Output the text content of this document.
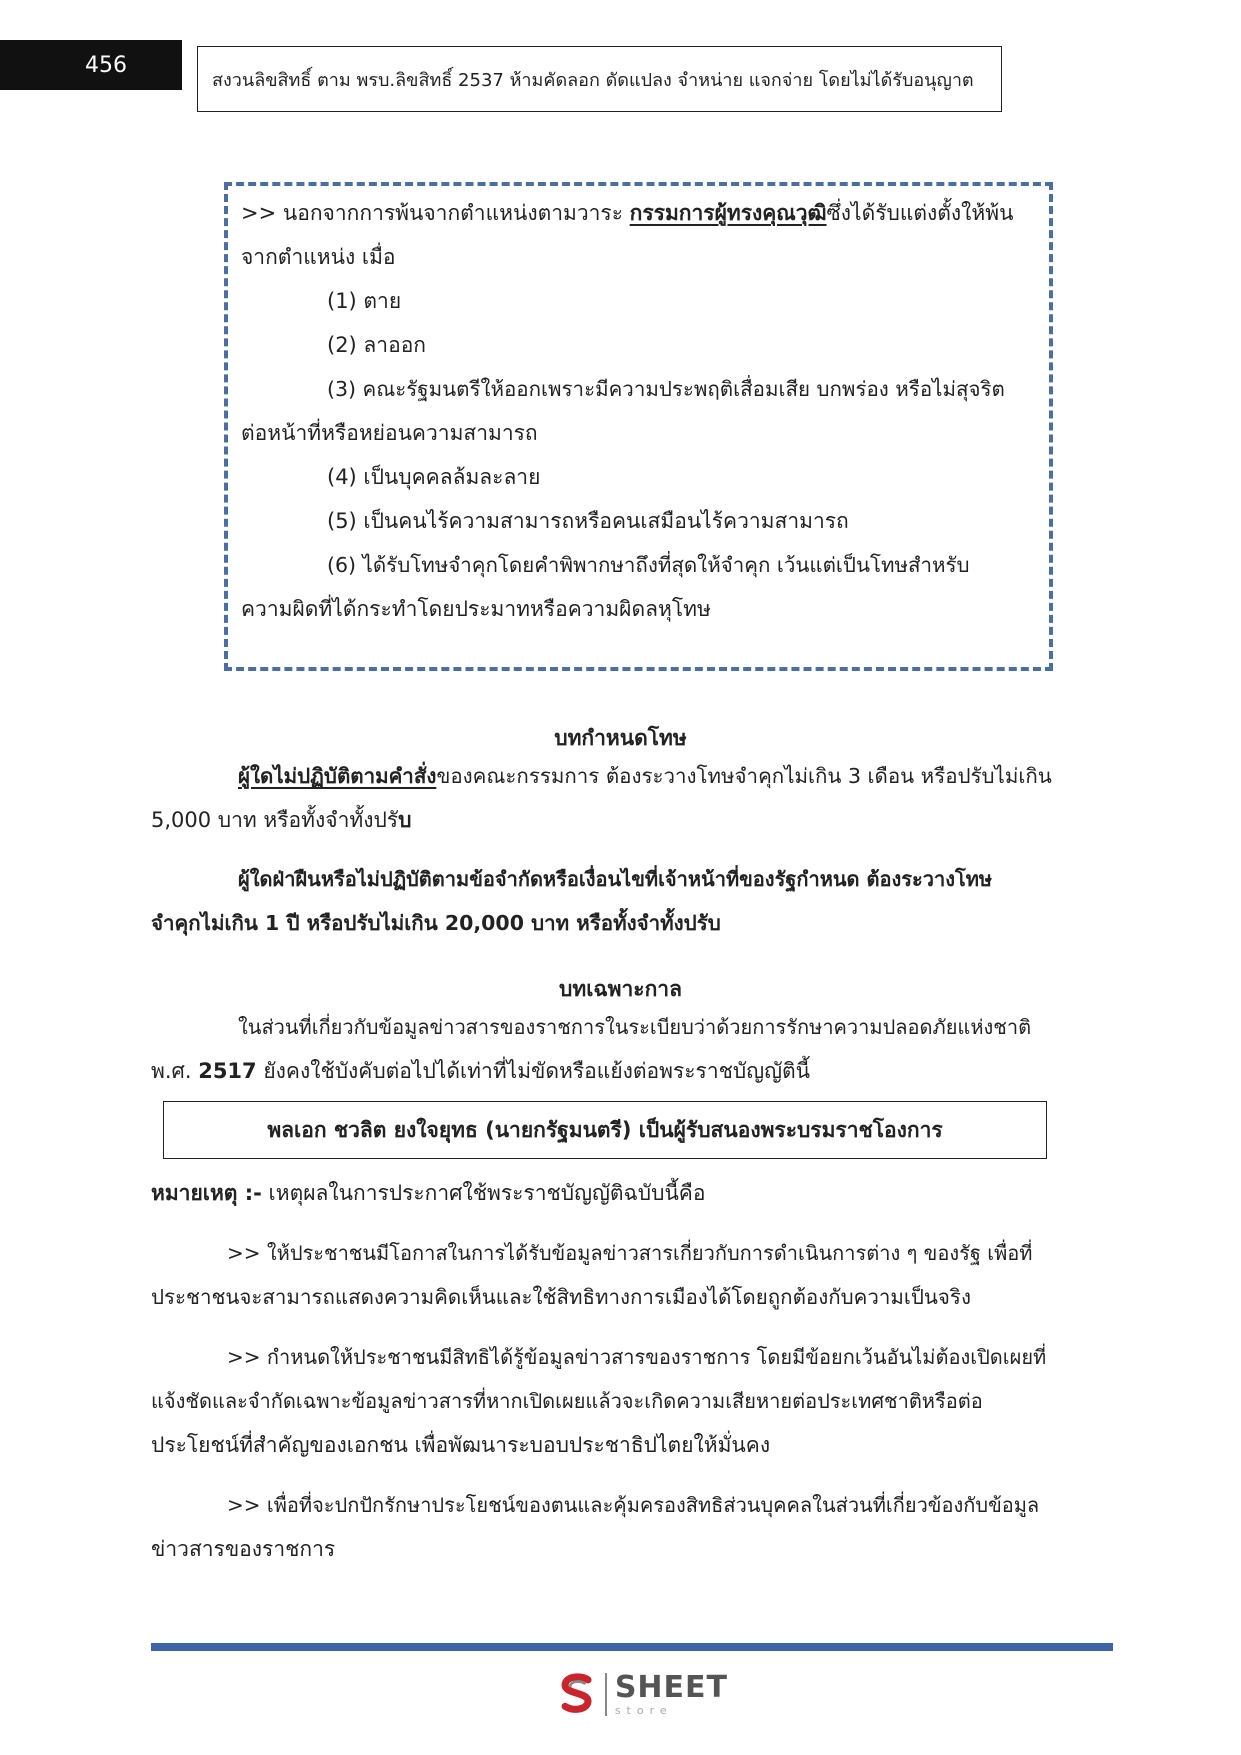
456
สงวนลิขสิทธิ์ ตาม พรบ.ลิขสิทธิ์ 2537 ห้ามคัดลอก ดัดแปลง จำหน่าย แจกจ่าย โดยไม่ได้รับอนุญาต
>> นอกจากการพ้นจากตำแหน่งตามวาระ กรรมการผู้ทรงคุณวุฒิซึ่งได้รับแต่งตั้งให้พ้น
จากตำแหน่ง เมื่อ
(1) ตาย
(2) ลาออก
(3) คณะรัฐมนตรีให้ออกเพราะมีความประพฤติเสื่อมเสีย บกพร่อง หรือไม่สุจริต
ต่อหน้าที่หรือหย่อนความสามารถ
(4) เป็นบุคคลล้มละลาย
(5) เป็นคนไร้ความสามารถหรือคนเสมือนไร้ความสามารถ
(6) ได้รับโทษจำคุกโดยคำพิพากษาถึงที่สุดให้จำคุก เว้นแต่เป็นโทษสำหรับ
ความผิดที่ได้กระทำโดยประมาทหรือความผิดลหุโทษ
บทกำหนดโทษ
ผู้ใดไม่ปฏิบัติตามคำสั่งของคณะกรรมการ ต้องระวางโทษจำคุกไม่เกิน 3 เดือน หรือปรับไม่เกิน
5,000 บาท หรือทั้งจำทั้งปรับ
ผู้ใดฝ่าฝืนหรือไม่ปฏิบัติตามข้อจำกัดหรือเงื่อนไขที่เจ้าหน้าที่ของรัฐกำหนด ต้องระวางโทษ
จำคุกไม่เกิน 1 ปี หรือปรับไม่เกิน 20,000 บาท หรือทั้งจำทั้งปรับ
บทเฉพาะกาล
ในส่วนที่เกี่ยวกับข้อมูลข่าวสารของราชการในระเบียบว่าด้วยการรักษาความปลอดภัยแห่งชาติ
พ.ศ. 2517 ยังคงใช้บังคับต่อไปได้เท่าที่ไม่ขัดหรือแย้งต่อพระราชบัญญัตินี้
พลเอก ชวลิต ยงใจยุทธ (นายกรัฐมนตรี) เป็นผู้รับสนองพระบรมราชโองการ
หมายเหตุ :- เหตุผลในการประกาศใช้พระราชบัญญัติฉบับนี้คือ
>> ให้ประชาชนมีโอกาสในการได้รับข้อมูลข่าวสารเกี่ยวกับการดำเนินการต่าง ๆ ของรัฐ เพื่อที่
ประชาชนจะสามารถแสดงความคิดเห็นและใช้สิทธิทางการเมืองได้โดยถูกต้องกับความเป็นจริง
>> กำหนดให้ประชาชนมีสิทธิได้รู้ข้อมูลข่าวสารของราชการ โดยมีข้อยกเว้นอันไม่ต้องเปิดเผยที่
แจ้งชัดและจำกัดเฉพาะข้อมูลข่าวสารที่หากเปิดเผยแล้วจะเกิดความเสียหายต่อประเทศชาติหรือต่อ
ประโยชน์ที่สำคัญของเอกชน เพื่อพัฒนาระบอบประชาธิปไตยให้มั่นคง
>> เพื่อที่จะปกปักรักษาประโยชน์ของตนและคุ้มครองสิทธิส่วนบุคคลในส่วนที่เกี่ยวข้องกับข้อมูล
ข่าวสารของราชการ
SHEET
store
